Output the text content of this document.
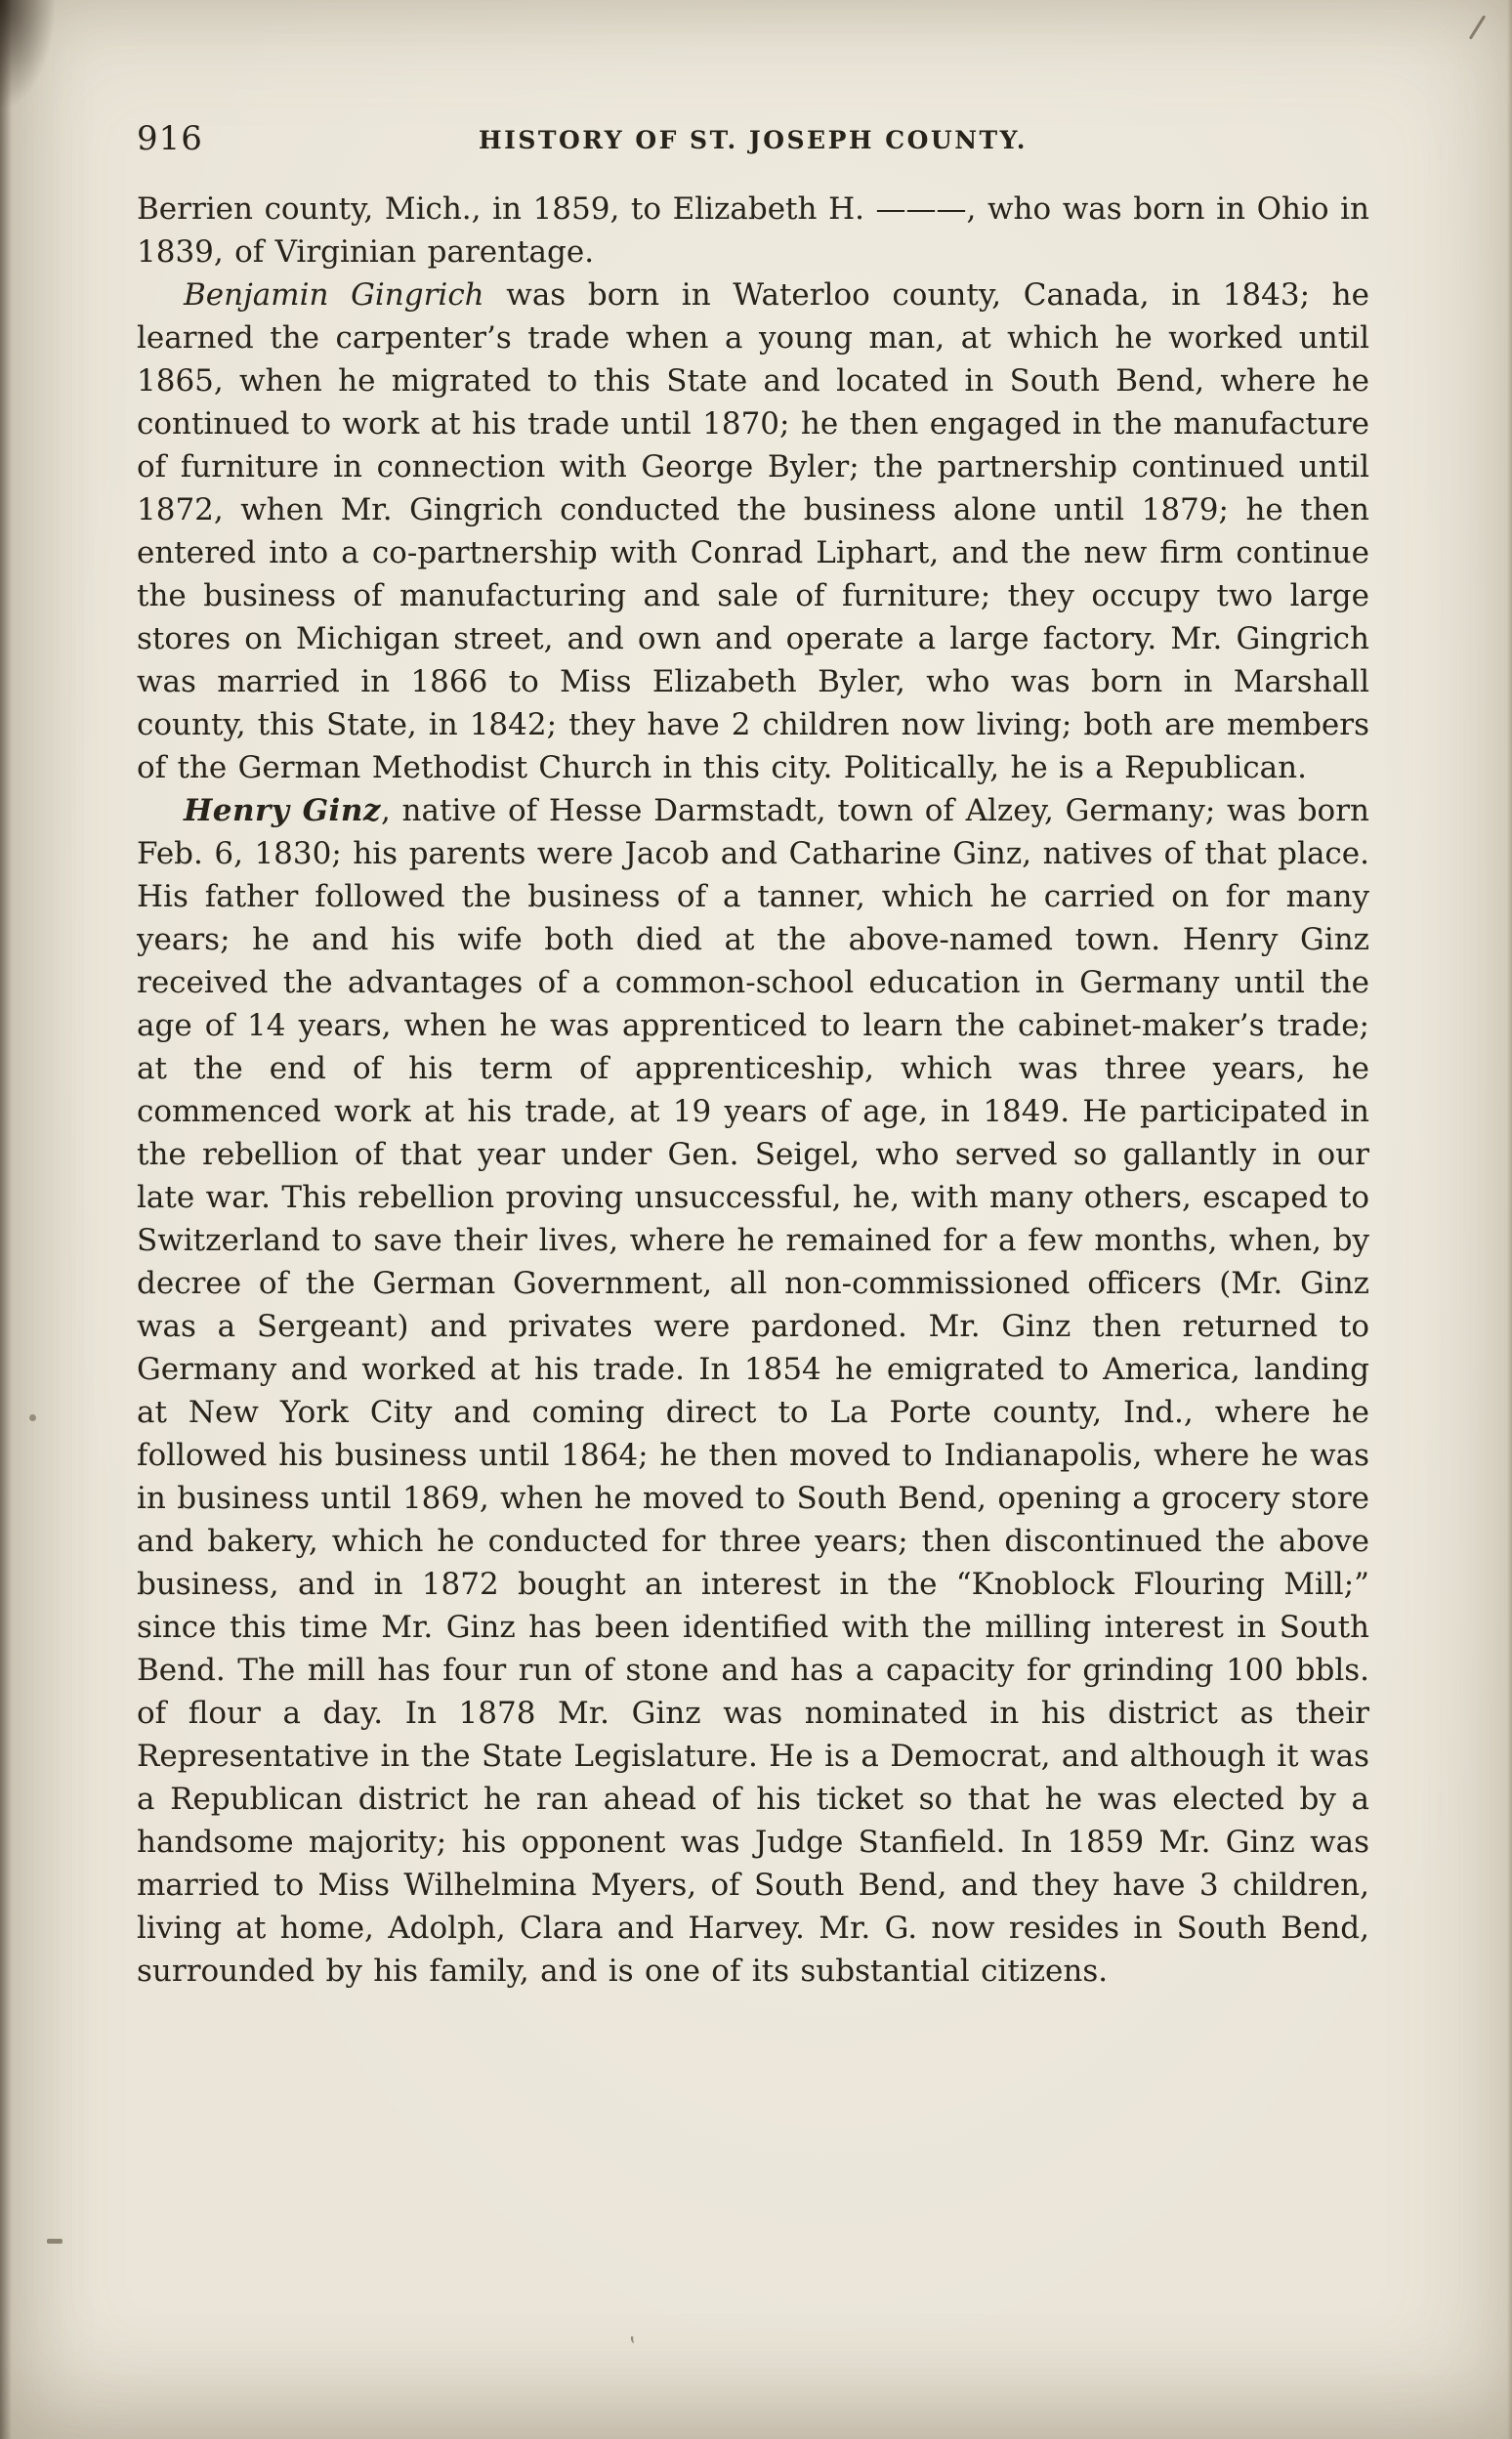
‛
916	HISTORY OF ST. JOSEPH COUNTY.

Berrien county, Mich., in 1859, to Elizabeth H. ———, who was born in Ohio in 1839, of Virginian parentage.

Benjamin Gingrich was born in Waterloo county, Canada, in 1843; he learned the carpenter’s trade when a young man, at which he worked until 1865, when he migrated to this State and located in South Bend, where he continued to work at his trade until 1870; he then engaged in the manufacture of furniture in connection with George Byler; the partnership continued until 1872, when Mr. Gingrich conducted the business alone until 1879; he then entered into a co-partnership with Conrad Liphart, and the new firm continue the business of manufacturing and sale of furniture; they occupy two large stores on Michigan street, and own and operate a large factory. Mr. Gingrich was married in 1866 to Miss Elizabeth Byler, who was born in Marshall county, this State, in 1842; they have 2 children now living; both are members of the German Methodist Church in this city. Politically, he is a Republican.

Henry Ginz, native of Hesse Darmstadt, town of Alzey, Germany; was born Feb. 6, 1830; his parents were Jacob and Catharine Ginz, natives of that place. His father followed the business of a tanner, which he carried on for many years; he and his wife both died at the above-named town. Henry Ginz received the advantages of a common-school education in Germany until the age of 14 years, when he was apprenticed to learn the cabinet-maker’s trade; at the end of his term of apprenticeship, which was three years, he commenced work at his trade, at 19 years of age, in 1849. He participated in the rebellion of that year under Gen. Seigel, who served so gallantly in our late war. This rebellion proving unsuccessful, he, with many others, escaped to Switzerland to save their lives, where he remained for a few months, when, by decree of the German Government, all non-commissioned officers (Mr. Ginz was a Sergeant) and privates were pardoned. Mr. Ginz then returned to Germany and worked at his trade. In 1854 he emigrated to America, landing at New York City and coming direct to La Porte county, Ind., where he followed his business until 1864; he then moved to Indianapolis, where he was in business until 1869, when he moved to South Bend, opening a grocery store and bakery, which he conducted for three years; then discontinued the above business, and in 1872 bought an interest in the “Knoblock Flouring Mill;” since this time Mr. Ginz has been identified with the milling interest in South Bend. The mill has four run of stone and has a capacity for grinding 100 bbls. of flour a day. In 1878 Mr. Ginz was nominated in his district as their Representative in the State Legislature. He is a Democrat, and although it was a Republican district he ran ahead of his ticket so that he was elected by a handsome majority; his opponent was Judge Stanfield. In 1859 Mr. Ginz was married to Miss Wilhelmina Myers, of South Bend, and they have 3 children, living at home, Adolph, Clara and Harvey. Mr. G. now resides in South Bend, surrounded by his family, and is one of its substantial citizens.
